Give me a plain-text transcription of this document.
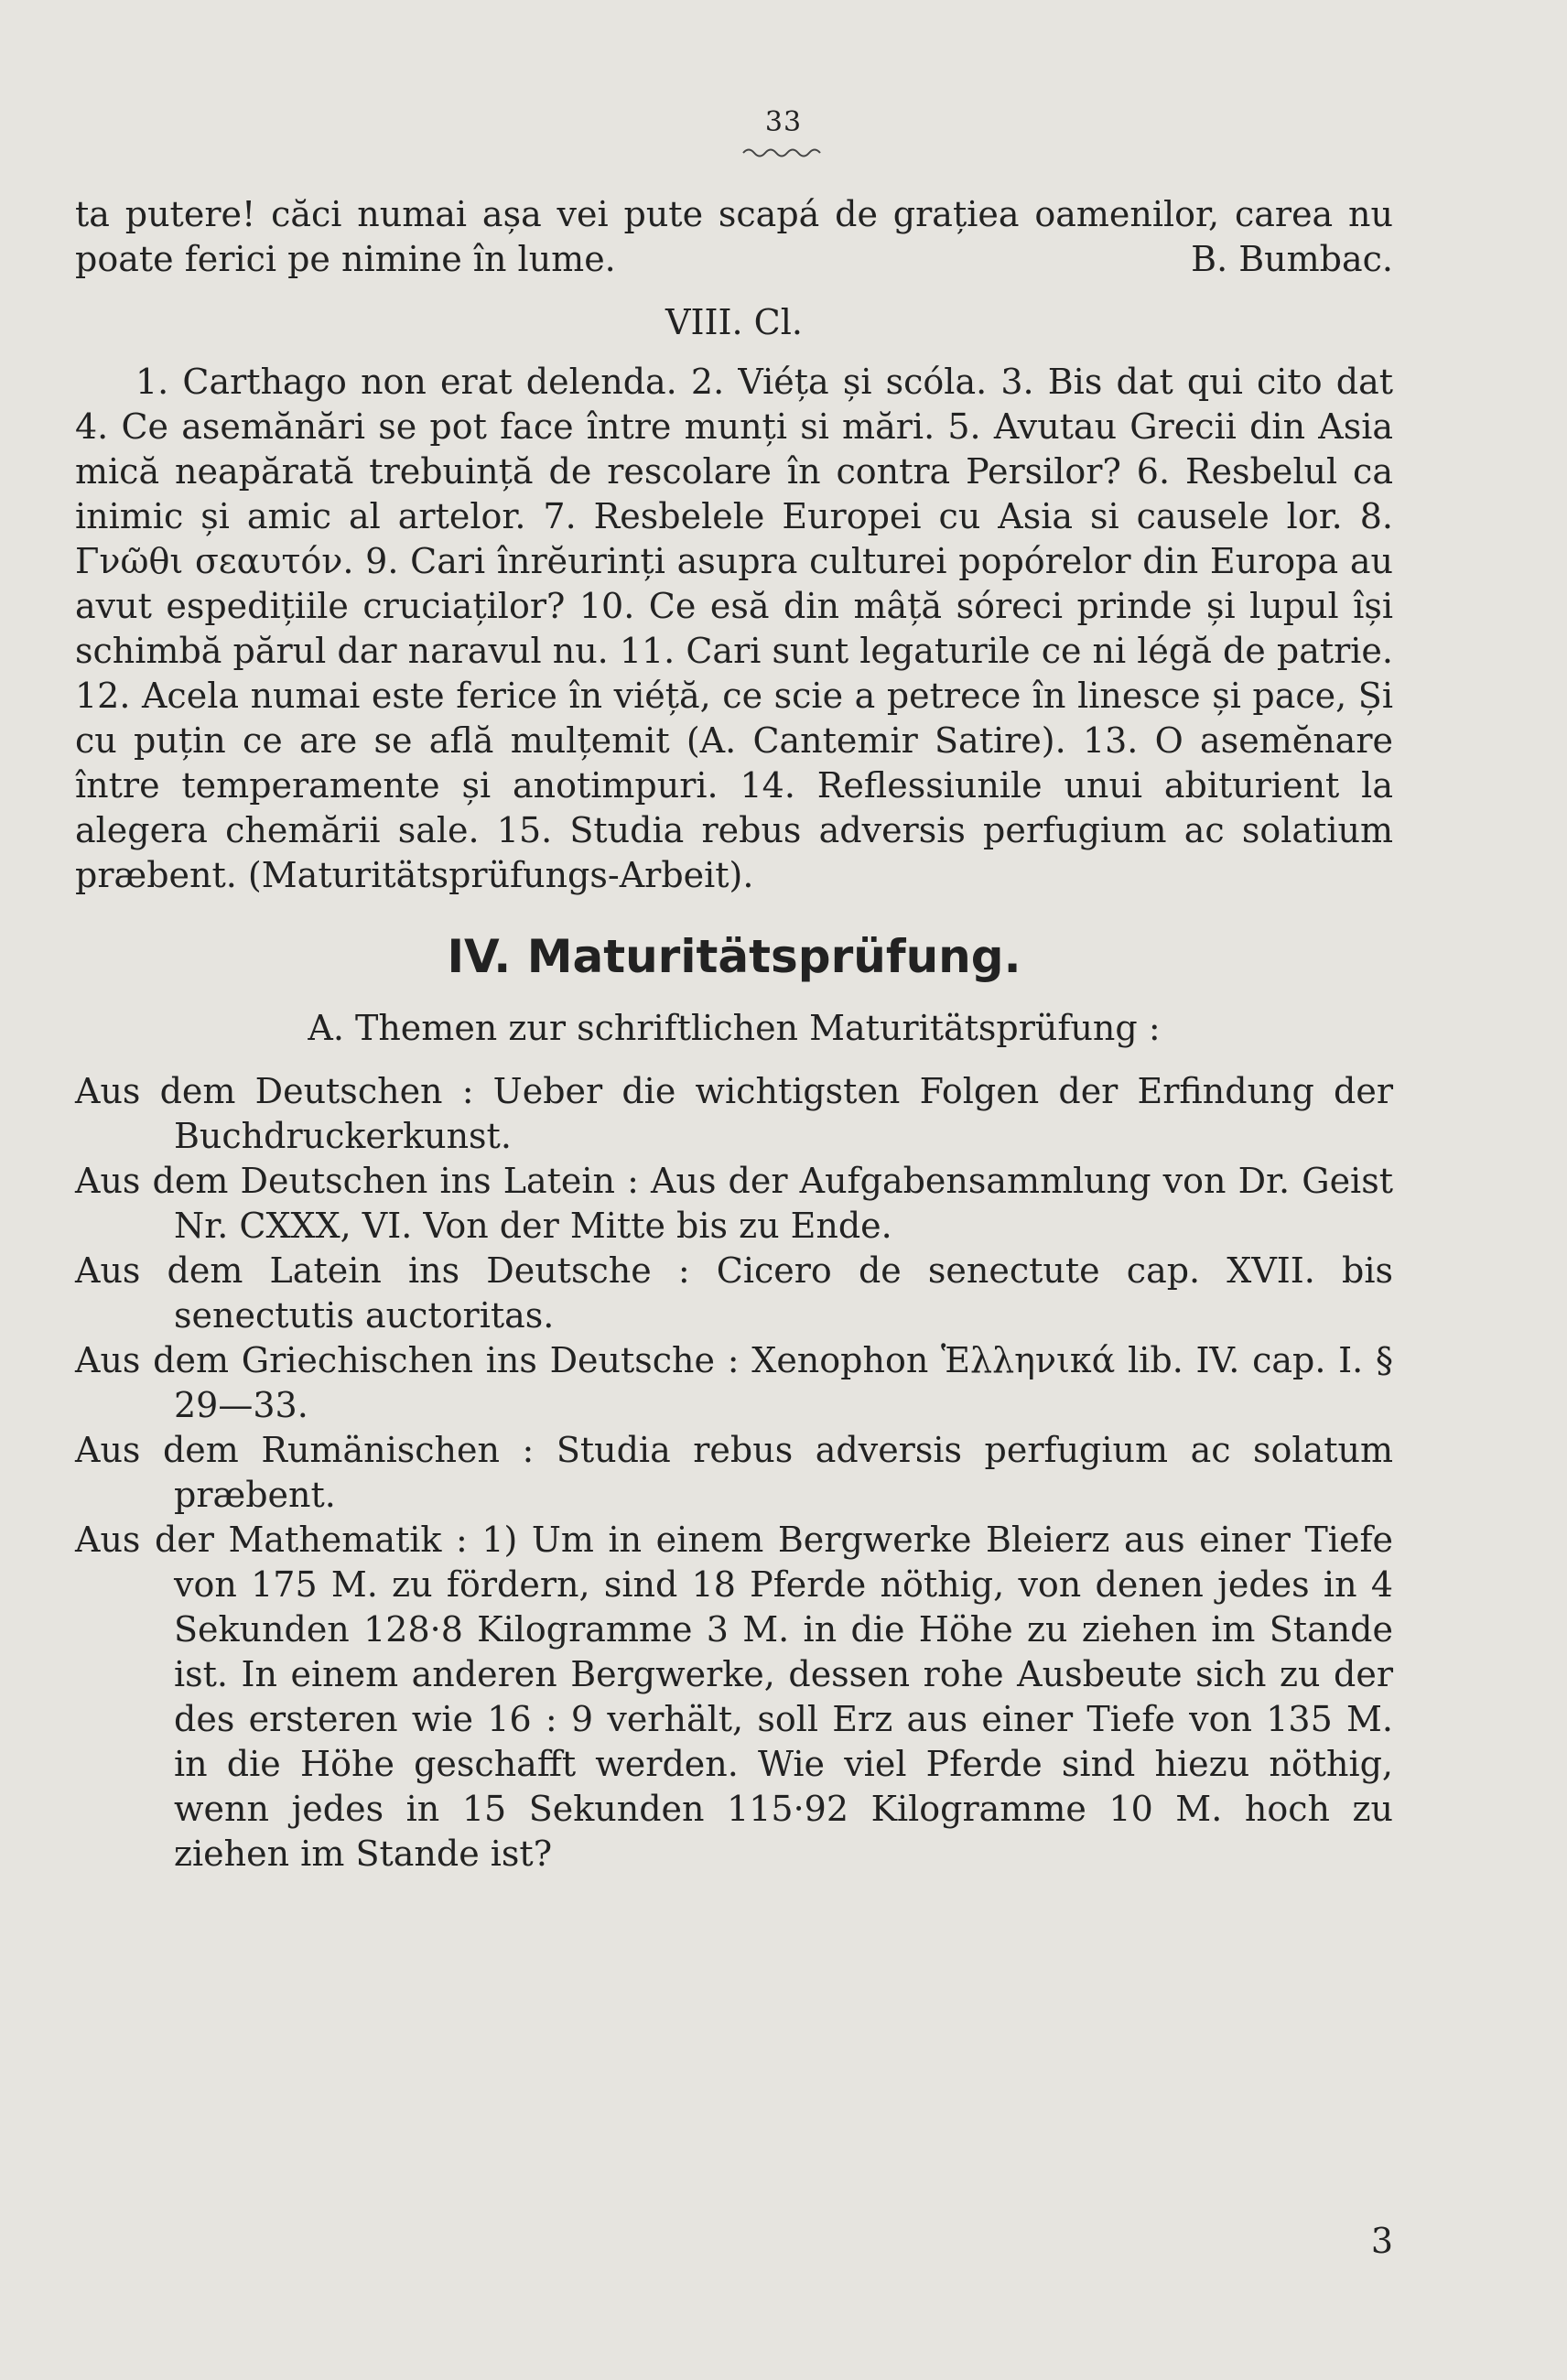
33

ta putere! căci numai așa vei pute scapá de grațiea oamenilor, carea nu poate ferici pe nimine în lume.	B. Bumbac.

VIII. Cl.

1. Carthago non erat delenda. 2. Viéța și scóla. 3. Bis dat qui cito dat 4. Ce asemănări se pot face între munți si mări. 5. Avutau Grecii din Asia mică neapărată trebuință de rescolare în contra Persilor? 6. Resbelul ca inimic și amic al artelor. 7. Resbelele Europei cu Asia si causele lor. 8. Γνῶθι σεαυτόν. 9. Cari înrĕurinți asupra culturei popórelor din Europa au avut espedițiile cruciaților? 10. Ce esă din mâță sóreci prinde și lupul își schimbă părul dar naravul nu. 11. Cari sunt legaturile ce ni légă de patrie. 12. Acela numai este ferice în viéță, ce scie a petrece în linesce și pace, Și cu puțin ce are se află mulțemit (A. Cantemir Satire). 13. O asemĕnare între temperamente și anotimpuri. 14. Reflessiunile unui abiturient la alegera chemării sale. 15. Studia rebus adversis perfugium ac solatium præbent. (Maturitätsprüfungs-Arbeit).

IV. Maturitätsprüfung.
A. Themen zur schriftlichen Maturitätsprüfung :

Aus dem Deutschen : Ueber die wichtigsten Folgen der Erfindung der Buchdruckerkunst.

Aus dem Deutschen ins Latein : Aus der Aufgabensammlung von Dr. Geist Nr. CXXX, VI. Von der Mitte bis zu Ende.

Aus dem Latein ins Deutsche : Cicero de senectute cap. XVII. bis senectutis auctoritas.

Aus dem Griechischen ins Deutsche : Xenophon Ἑλληνικά lib. IV. cap. I. § 29—33.

Aus dem Rumänischen : Studia rebus adversis perfugium ac solatum præbent.

Aus der Mathematik : 1) Um in einem Bergwerke Bleierz aus einer Tiefe von 175 M. zu fördern, sind 18 Pferde nöthig, von denen jedes in 4 Sekunden 128·8 Kilogramme 3 M. in die Höhe zu ziehen im Stande ist. In einem anderen Bergwerke, dessen rohe Ausbeute sich zu der des ersteren wie 16 : 9 verhält, soll Erz aus einer Tiefe von 135 M. in die Höhe geschafft werden. Wie viel Pferde sind hiezu nöthig, wenn jedes in 15 Sekunden 115·92 Kilogramme 10 M. hoch zu ziehen im Stande ist?

3
